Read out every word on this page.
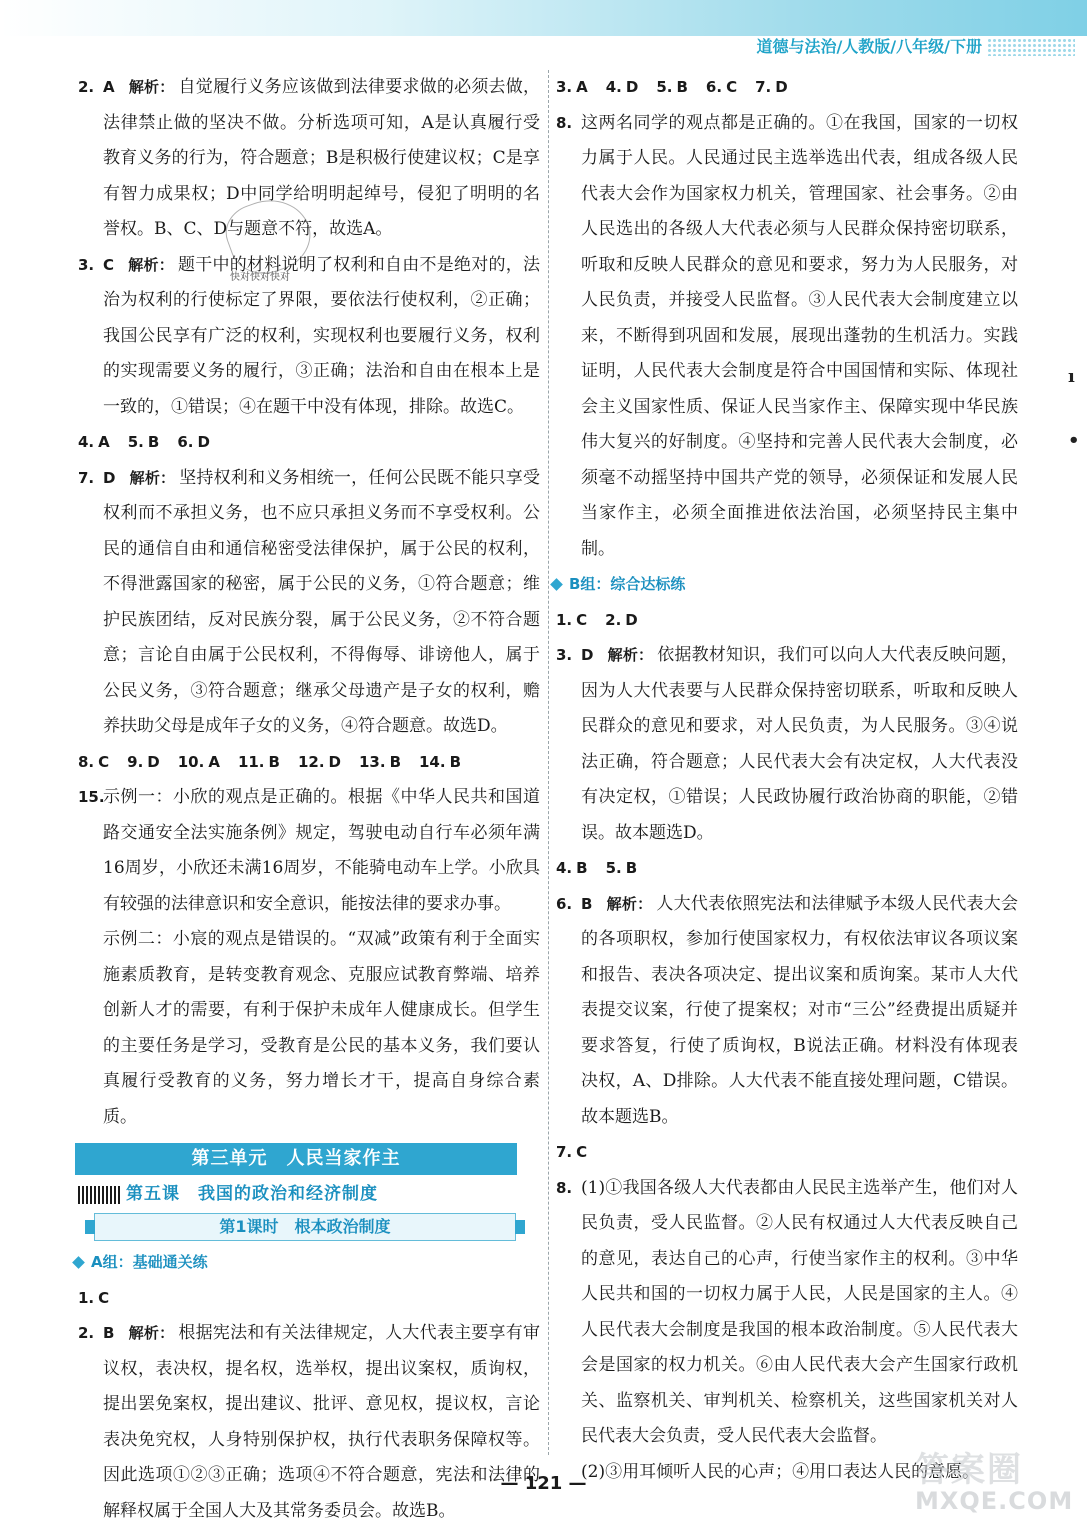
道德与法治/人教版/八年级/下册

2. A 解析： 自觉履行义务应该做到法律要求做的必须去做，法律禁止做的坚决不做。分析选项可知，A是认真履行受教育义务的行为，符合题意；B是积极行使建议权；C是享有智力成果权；D中同学给明明起绰号，侵犯了明明的名誉权。B、C、D与题意不符，故选A。

3. C 解析： 题干中的材料说明了权利和自由不是绝对的，法治为权利的行使标定了界限，要依法行使权利，②正确；我国公民享有广泛的权利，实现权利也要履行义务，权利的实现需要义务的履行，③正确；法治和自由在根本上是一致的，①错误；④在题干中没有体现，排除。故选C。

4. A 5. B 6. D

7. D 解析： 坚持权利和义务相统一，任何公民既不能只享受权利而不承担义务，也不应只承担义务而不享受权利。公民的通信自由和通信秘密受法律保护，属于公民的权利，不得泄露国家的秘密，属于公民的义务，①符合题意；维护民族团结，反对民族分裂，属于公民义务，②不符合题意；言论自由属于公民权利，不得侮辱、诽谤他人，属于公民义务，③符合题意；继承父母遗产是子女的权利，赡养扶助父母是成年子女的义务，④符合题意。故选D。

8. C 9. D 10. A 11. B 12. D 13. B 14. B

15.

示例一：小欣的观点是正确的。根据《中华人民共和国道路交通安全法实施条例》规定，驾驶电动自行车必须年满16周岁，小欣还未满16周岁，不能骑电动车上学。小欣具有较强的法律意识和安全意识，能按法律的要求办事。

示例二：小宸的观点是错误的。“双减”政策有利于全面实施素质教育，是转变教育观念、克服应试教育弊端、培养创新人才的需要，有利于保护未成年人健康成长。但学生的主要任务是学习，受教育是公民的基本义务，我们要认真履行受教育的义务，努力增长才干，提高自身综合素质。

第三单元　人民当家作主
第五课　我国的政治和经济制度
第1课时　根本政治制度
A组：基础通关练

1. C

2. B 解析： 根据宪法和有关法律规定，人大代表主要享有审议权，表决权，提名权，选举权，提出议案权，质询权，提出罢免案权，提出建议、批评、意见权，提议权，言论表决免究权，人身特别保护权，执行代表职务保障权等。因此选项①②③正确；选项④不符合题意，宪法和法律的解释权属于全国人大及其常务委员会。故选B。

快对快对快对

3. A 4. D 5. B 6. C 7. D

8. 这两名同学的观点都是正确的。①在我国，国家的一切权力属于人民。人民通过民主选举选出代表，组成各级人民代表大会作为国家权力机关，管理国家、社会事务。②由人民选出的各级人大代表必须与人民群众保持密切联系，听取和反映人民群众的意见和要求，努力为人民服务，对人民负责，并接受人民监督。③人民代表大会制度建立以来，不断得到巩固和发展，展现出蓬勃的生机活力。实践证明，人民代表大会制度是符合中国国情和实际、体现社会主义国家性质、保证人民当家作主、保障实现中华民族伟大复兴的好制度。④坚持和完善人民代表大会制度，必须毫不动摇坚持中国共产党的领导，必须保证和发展人民当家作主，必须全面推进依法治国，必须坚持民主集中制。

B组：综合达标练

1. C 2. D

3. D 解析： 依据教材知识，我们可以向人大代表反映问题，因为人大代表要与人民群众保持密切联系，听取和反映人民群众的意见和要求，对人民负责，为人民服务。③④说法正确，符合题意；人民代表大会有决定权，人大代表没有决定权，①错误；人民政协履行政治协商的职能，②错误。故本题选D。

4. B 5. B

6. B 解析： 人大代表依照宪法和法律赋予本级人民代表大会的各项职权，参加行使国家权力，有权依法审议各项议案和报告、表决各项决定、提出议案和质询案。某市人大代表提交议案，行使了提案权；对市“三公”经费提出质疑并要求答复，行使了质询权，B说法正确。材料没有体现表决权，A、D排除。人大代表不能直接处理问题，C错误。故本题选B。

7. C

8. (1)①我国各级人大代表都由人民民主选举产生，他们对人民负责，受人民监督。②人民有权通过人大代表反映自己的意见，表达自己的心声，行使当家作主的权利。③中华人民共和国的一切权力属于人民，人民是国家的主人。④人民代表大会制度是我国的根本政治制度。⑤人民代表大会是国家的权力机关。⑥由人民代表大会产生国家行政机关、监察机关、审判机关、检察机关，这些国家机关对人民代表大会负责，受人民代表大会监督。

(2)③用耳倾听人民的心声；④用口表达人民的意愿。

ı
•
— 121 —	答案圈
MXQE.COM
